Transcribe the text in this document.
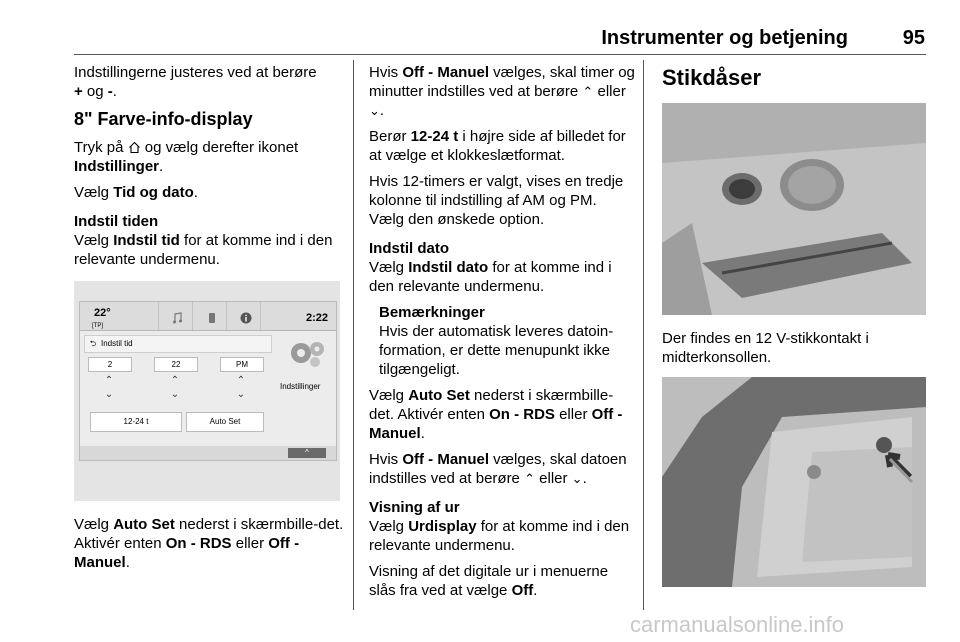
Instrumenter og betjening	95

Indstillingerne justeres ved at berøre
+ og -.

8" Farve-info-display

Tryk på  og vælg derefter ikonet Indstillinger.

Vælg Tid og dato.

Indstil tiden

Vælg Indstil tid for at komme ind i den relevante undermenu.

22°
[TP]
2:22
⮌ Indstil tid
2	22	PM
⌃
⌄
⌃
⌄
⌃
⌄
12-24 t	Auto Set
Indstillinger
^

Vælg Auto Set nederst i skærmbille-det. Aktivér enten On - RDS eller Off - Manuel.

Hvis Off - Manuel vælges, skal timer og minutter indstilles ved at berøre ⌃ eller ⌄.

Berør 12-24 t i højre side af billedet for at vælge et klokkeslætformat.

Hvis 12-timers er valgt, vises en tredje kolonne til indstilling af AM og PM. Vælg den ønskede option.

Indstil dato

Vælg Indstil dato for at komme ind i den relevante undermenu.

Bemærkninger
Hvis der automatisk leveres datoin-formation, er dette menupunkt ikke tilgængeligt.

Vælg Auto Set nederst i skærmbille-det. Aktivér enten On - RDS eller Off - Manuel.

Hvis Off - Manuel vælges, skal datoen indstilles ved at berøre ⌃ eller ⌄.

Visning af ur

Vælg Urdisplay for at komme ind i den relevante undermenu.

Visning af det digitale ur i menuerne slås fra ved at vælge Off.

Stikdåser

Der findes en 12 V-stikkontakt i midterkonsollen.

carmanualsonline.info
